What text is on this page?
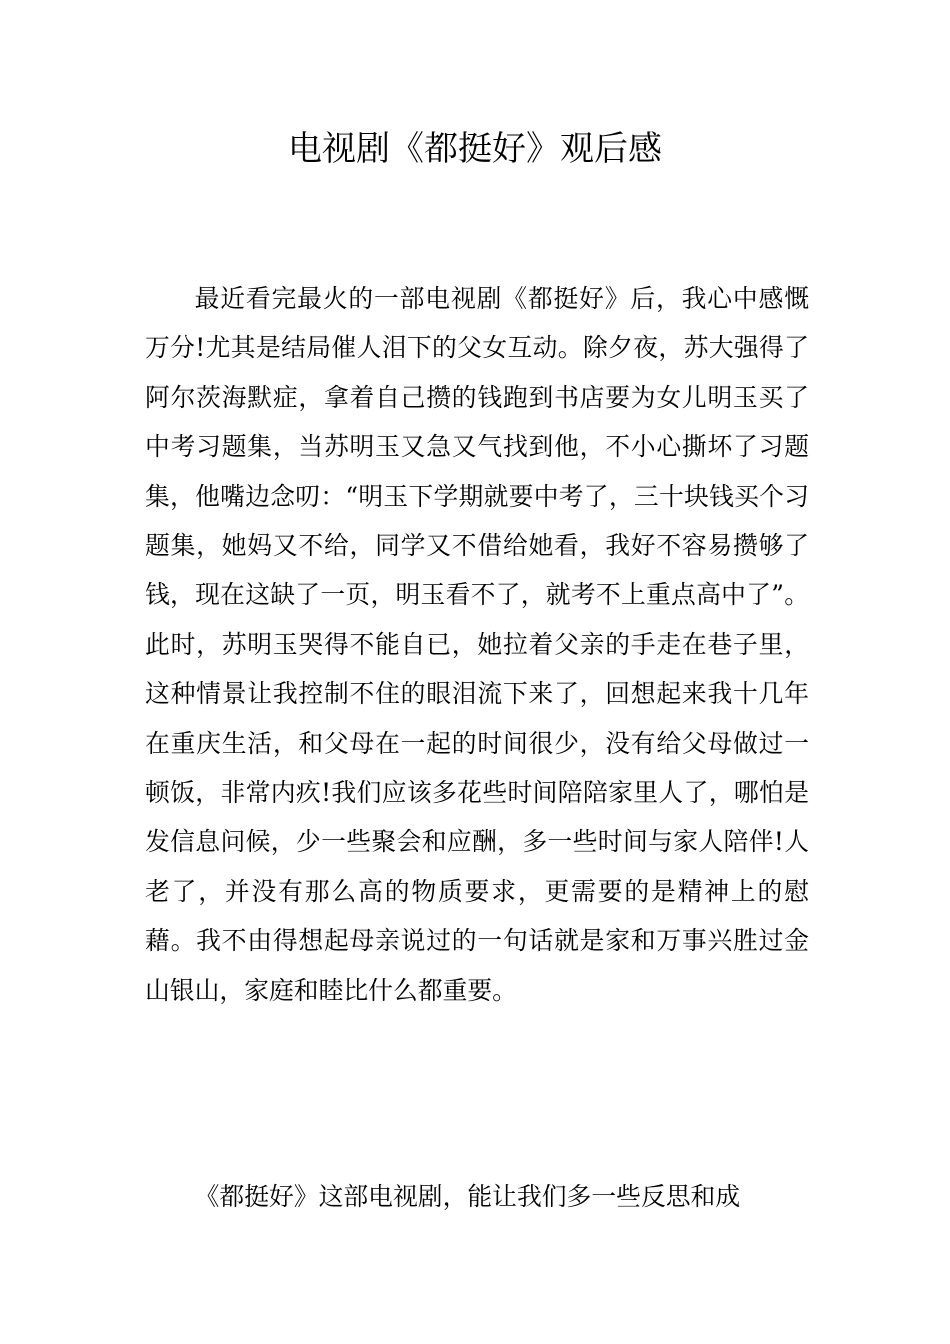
电视剧《都挺好》观后感

最近看完最火的一部电视剧《都挺好》后，我心中感慨万分!尤其是结局催人泪下的父女互动。除夕夜，苏大强得了阿尔茨海默症，拿着自己攒的钱跑到书店要为女儿明玉买了中考习题集，当苏明玉又急又气找到他，不小心撕坏了习题集，他嘴边念叨：“明玉下学期就要中考了，三十块钱买个习题集，她妈又不给，同学又不借给她看，我好不容易攒够了钱，现在这缺了一页，明玉看不了，就考不上重点高中了”。此时，苏明玉哭得不能自已，她拉着父亲的手走在巷子里，这种情景让我控制不住的眼泪流下来了，回想起来我十几年在重庆生活，和父母在一起的时间很少，没有给父母做过一顿饭，非常内疚!我们应该多花些时间陪陪家里人了，哪怕是发信息问候，少一些聚会和应酬，多一些时间与家人陪伴!人老了，并没有那么高的物质要求，更需要的是精神上的慰藉。我不由得想起母亲说过的一句话就是家和万事兴胜过金山银山，家庭和睦比什么都重要。

《都挺好》这部电视剧，能让我们多一些反思和成
